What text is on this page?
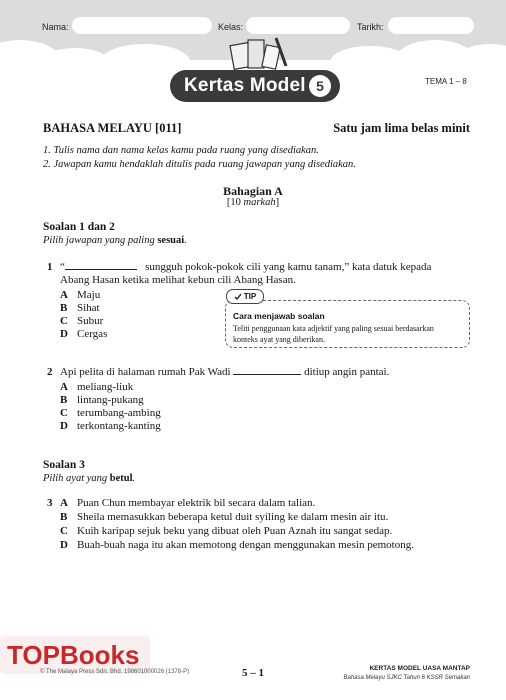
Nama:	Kelas:	Tarikh:
Kertas Model 5	TEMA 1 – 8
BAHASA MELAYU [011]	Satu jam lima belas minit
1. Tulis nama dan nama kelas kamu pada ruang yang disediakan.
2. Jawapan kamu hendaklah ditulis pada ruang jawapan yang disediakan.
Bahagian A
[10 markah]
Soalan 1 dan 2
Pilih jawapan yang paling sesuai.
1 “	sungguh pokok-pokok cili yang kamu tanam,” kata datuk kepada
Abang Hasan ketika melihat kebun cili Abang Hasan.
A Maju
B Sihat
C Subur
D Cergas
TIP
Cara menjawab soalan
Teliti penggunaan kata adjektif yang paling sesuai berdasarkan
konteks ayat yang diberikan.
2 Api pelita di halaman rumah Pak Wadi	ditiup angin pantai.
A meliang-liuk
B lintang-pukang
C terumbang-ambing
D terkontang-kanting
Soalan 3
Pilih ayat yang betul.
3 A Puan Chun membayar elektrik bil secara dalam talian.
B Sheila memasukkan beberapa ketul duit syiling ke dalam mesin air itu.
C Kuih karipap sejuk beku yang dibuat oleh Puan Aznah itu sangat sedap.
D Buah-buah naga itu akan memotong dengan menggunakan mesin pemotong.
TOPBooks
© The Malaya Press Sdn. Bhd. 198601000026 (1378-P)	5 – 1	KERTAS MODEL UASA MANTAP
Bahasa Melayu SJKC Tahun 6 KSSR Semakan
